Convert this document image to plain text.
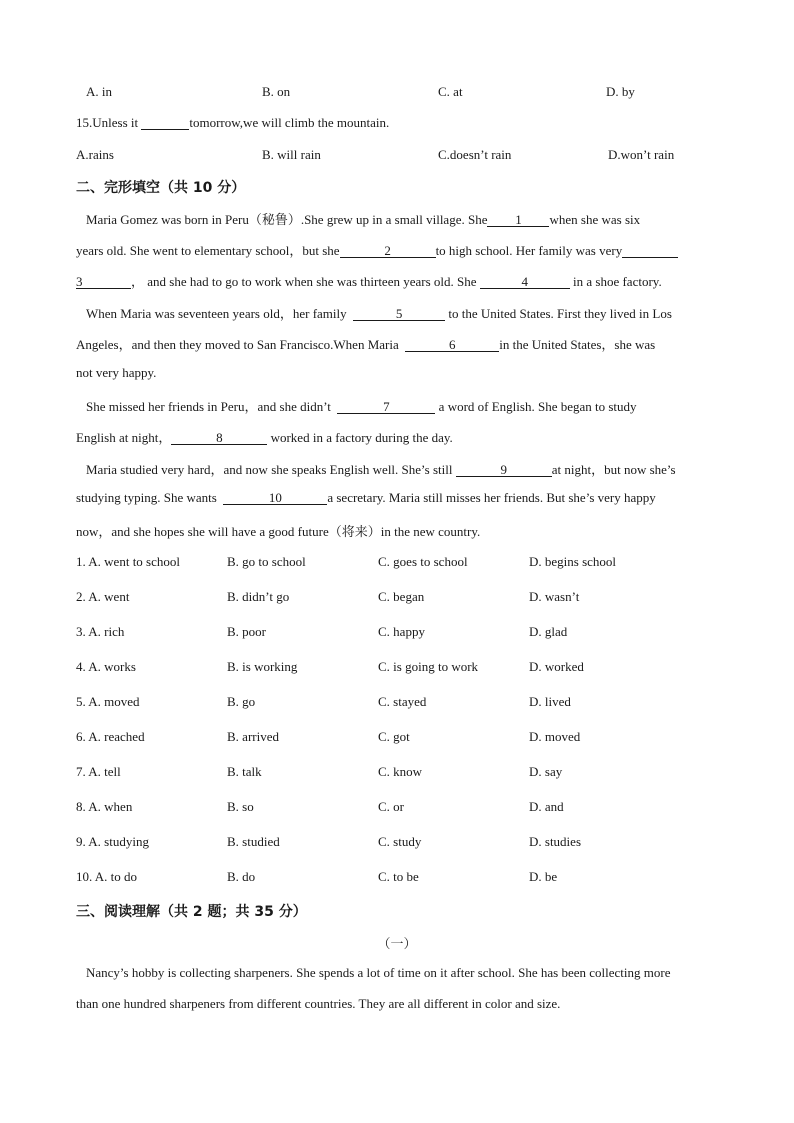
A. in	B. on	C. at	D. by
15.Unless it	tomorrow,we will climb the mountain.
A.rains	B. will rain	C.doesn’t rain	D.won’t rain
二、完形填空（共 10 分）
Maria Gomez was born in Peru（秘鲁）.She grew up in a small village. She 1 when she was six
years old. She went to elementary school，but she	2	to high school. Her family was very
3	， and she had to go to work when she was thirteen years old. She	4	in a shoe factory.
When Maria was seventeen years old，her family	5	to the United States. First they lived in Los
Angeles，and then they moved to San Francisco.When Maria	6	in the United States，she was
not very happy.
She missed her friends in Peru，and she didn’t	7	a word of English. She began to study
English at night，	8	worked in a factory during the day.
Maria studied very hard，and now she speaks English well. She’s still	9	at night，but now she’s
studying typing. She wants	10	a secretary. Maria still misses her friends. But she’s very happy
now，and she hopes she will have a good future（将来）in the new country.
1. A. went to school	B. go to school	C. goes to school	D. begins school
2. A. went	B. didn’t go	C. began	D. wasn’t
3. A. rich	B. poor	C. happy	D. glad
4. A. works	B. is working	C. is going to work	D. worked
5. A. moved	B. go	C. stayed	D. lived
6. A. reached	B. arrived	C. got	D. moved
7. A. tell	B. talk	C. know	D. say
8. A. when	B. so	C. or	D. and
9. A. studying	B. studied	C. study	D. studies
10. A. to do	B. do	C. to be	D. be
三、阅读理解（共 2 题；共 35 分）
（一）
Nancy’s hobby is collecting sharpeners. She spends a lot of time on it after school. She has been collecting more
than one hundred sharpeners from different countries. They are all different in color and size.
